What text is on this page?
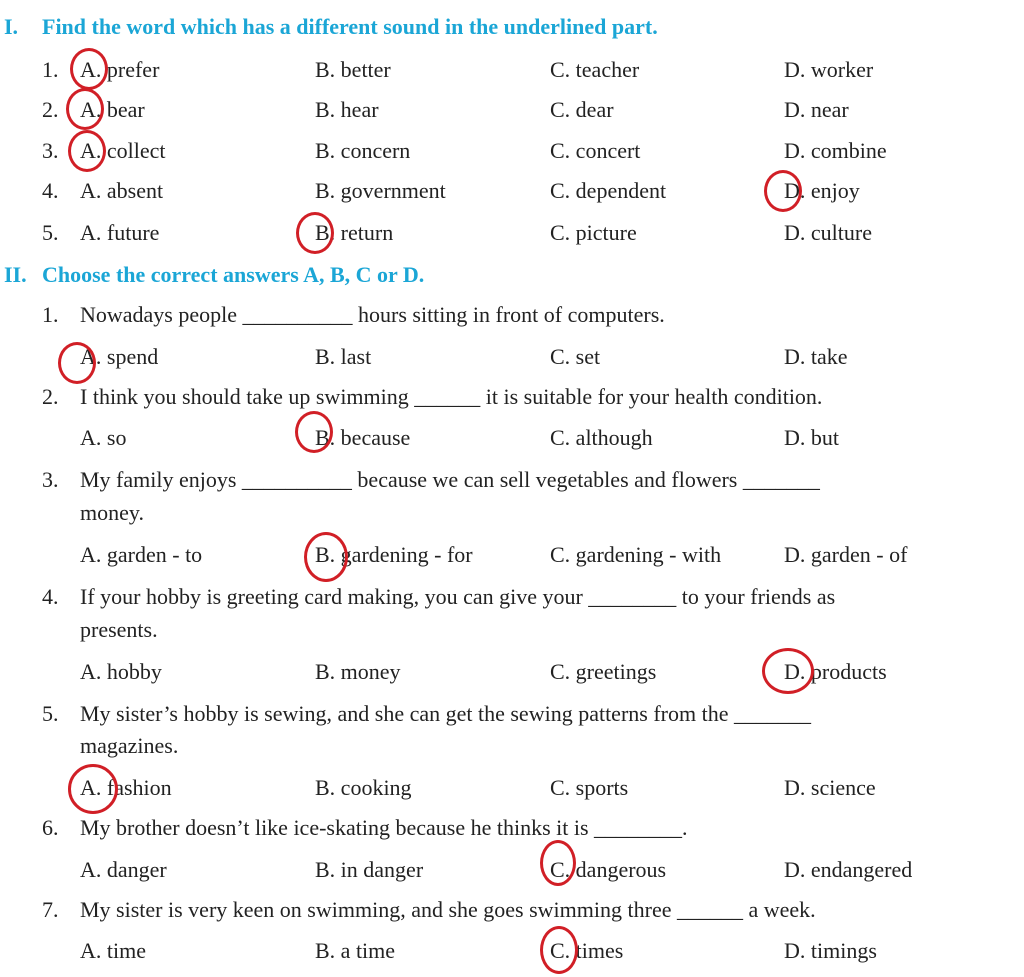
I. Find the word which has a different sound in the underlined part.
1. A. prefer	B. better	C. teacher	D. worker
2. A. bear	B. hear	C. dear	D. near
3. A. collect	B. concern	C. concert	D. combine
4. A. absent	B. government	C. dependent	D. enjoy
5. A. future	B. return	C. picture	D. culture
II. Choose the correct answers A, B, C or D.
1. Nowadays people __________ hours sitting in front of computers.
A. spend	B. last	C. set	D. take
2. I think you should take up swimming ______ it is suitable for your health condition.
A. so	B. because	C. although	D. but
3. My family enjoys __________ because we can sell vegetables and flowers _______
money.
A. garden - to	B. gardening - for	C. gardening - with	D. garden - of
4. If your hobby is greeting card making, you can give your ________ to your friends as
presents.
A. hobby	B. money	C. greetings	D. products
5. My sister’s hobby is sewing, and she can get the sewing patterns from the _______
magazines.
A. fashion	B. cooking	C. sports	D. science
6. My brother doesn’t like ice-skating because he thinks it is ________.
A. danger	B. in danger	C. dangerous	D. endangered
7. My sister is very keen on swimming, and she goes swimming three ______ a week.
A. time	B. a time	C. times	D. timings
